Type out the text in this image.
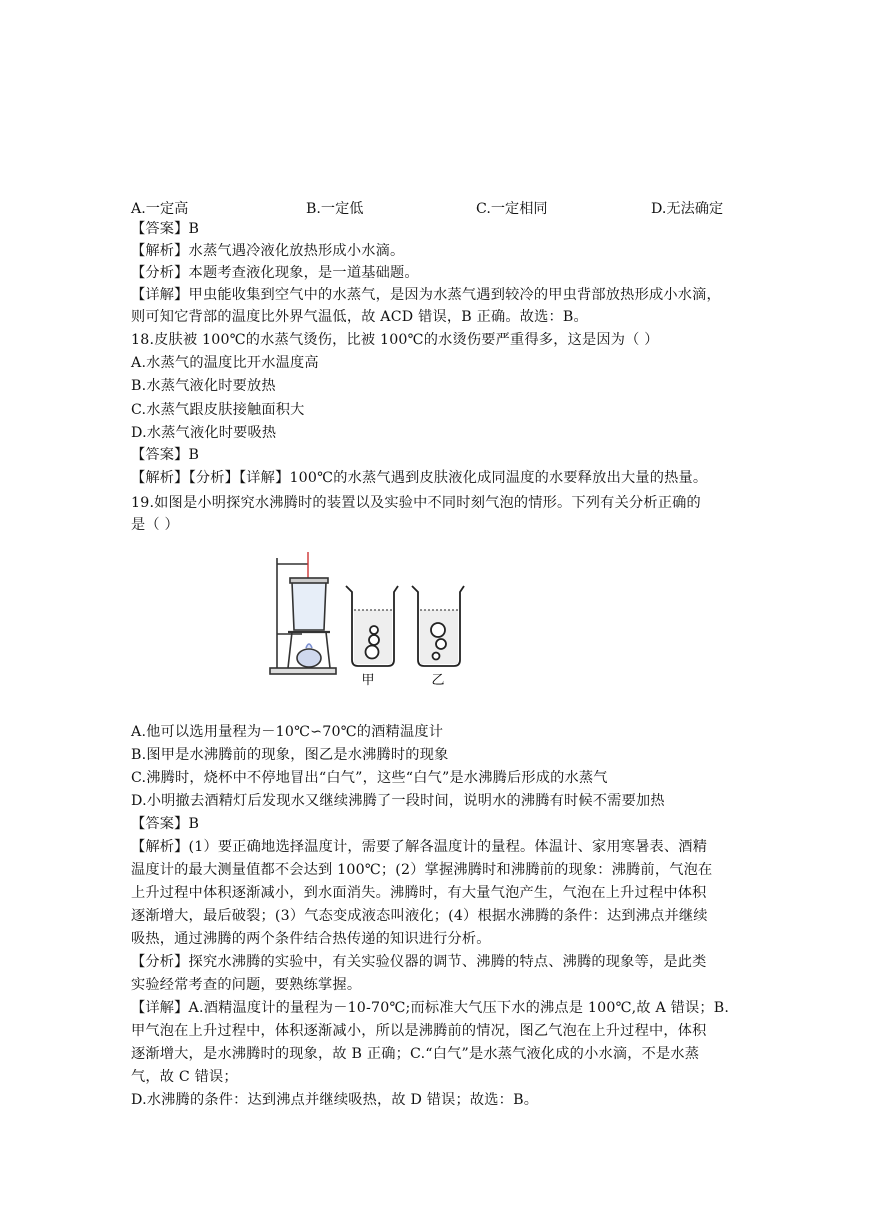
A.一定高	B.一定低	C.一定相同	D.无法确定
【答案】B
【解析】水蒸气遇冷液化放热形成小水滴。
【分析】本题考查液化现象，是一道基础题。
【详解】甲虫能收集到空气中的水蒸气，是因为水蒸气遇到较冷的甲虫背部放热形成小水滴，
则可知它背部的温度比外界气温低，故 ACD 错误，B 正确。故选：B。
18.皮肤被 100℃的水蒸气烫伤，比被 100℃的水烫伤要严重得多，这是因为（ ）
A.水蒸气的温度比开水温度高
B.水蒸气液化时要放热
C.水蒸气跟皮肤接触面积大
D.水蒸气液化时要吸热
【答案】B
【解析】【分析】【详解】100℃的水蒸气遇到皮肤液化成同温度的水要释放出大量的热量。
19.如图是小明探究水沸腾时的装置以及实验中不同时刻气泡的情形。下列有关分析正确的
是（ ）
甲	乙
A.他可以选用量程为－10℃∽70℃的酒精温度计
B.图甲是水沸腾前的现象，图乙是水沸腾时的现象
C.沸腾时，烧杯中不停地冒出“白气”，这些“白气”是水沸腾后形成的水蒸气
D.小明撤去酒精灯后发现水又继续沸腾了一段时间，说明水的沸腾有时候不需要加热
【答案】B
【解析】(1）要正确地选择温度计，需要了解各温度计的量程。体温计、家用寒暑表、酒精
温度计的最大测量值都不会达到 100℃；(2）掌握沸腾时和沸腾前的现象：沸腾前，气泡在
上升过程中体积逐渐减小，到水面消失。沸腾时，有大量气泡产生，气泡在上升过程中体积
逐渐增大，最后破裂；(3）气态变成液态叫液化；(4）根据水沸腾的条件：达到沸点并继续
吸热，通过沸腾的两个条件结合热传递的知识进行分析。
【分析】探究水沸腾的实验中，有关实验仪器的调节、沸腾的特点、沸腾的现象等，是此类
实验经常考查的问题，要熟练掌握。
【详解】A.酒精温度计的量程为－10-70℃;而标准大气压下水的沸点是 100℃,故 A 错误；B.
甲气泡在上升过程中，体积逐渐减小，所以是沸腾前的情况，图乙气泡在上升过程中，体积
逐渐增大，是水沸腾时的现象，故 B 正确；C.“白气”是水蒸气液化成的小水滴，不是水蒸
气，故 C 错误；
D.水沸腾的条件：达到沸点并继续吸热，故 D 错误；故选：B。
